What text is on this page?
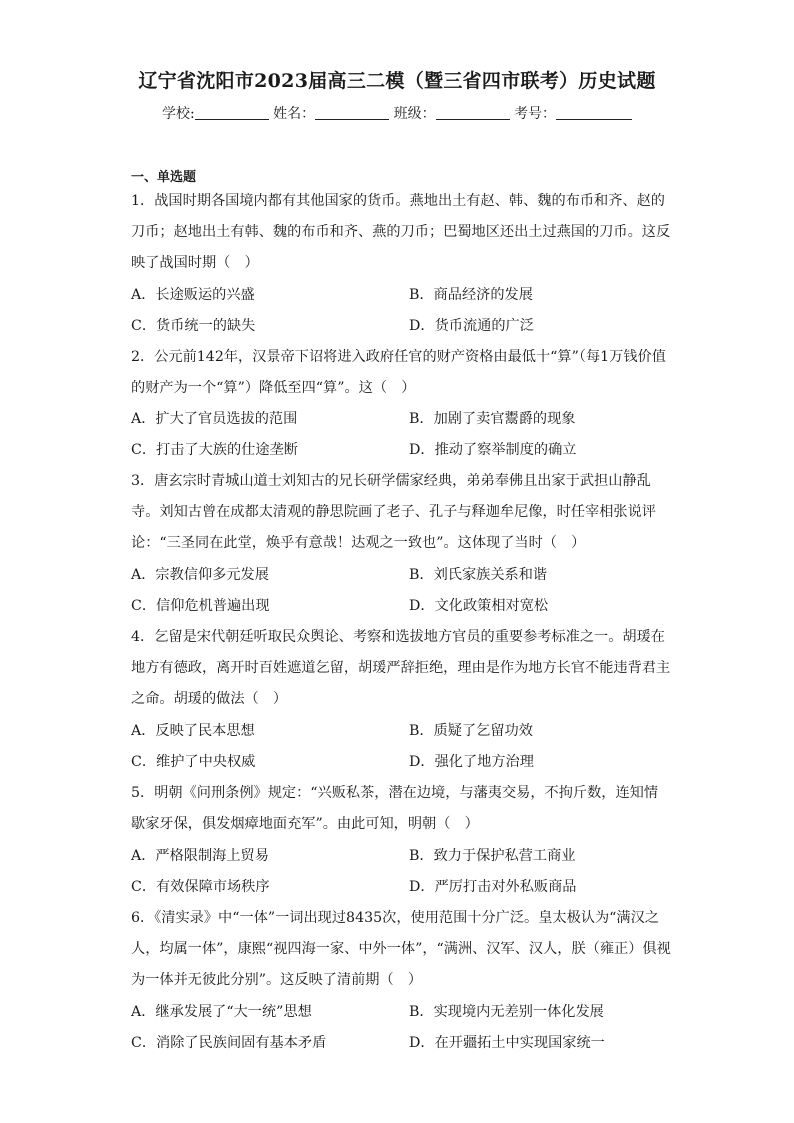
辽宁省沈阳市2023届高三二模（暨三省四市联考）历史试题
学校:	姓名：	班级：	考号：
一、单选题

1．战国时期各国境内都有其他国家的货币。燕地出土有赵、韩、魏的布币和齐、赵的刀币；赵地出土有韩、魏的布币和齐、燕的刀币；巴蜀地区还出土过燕国的刀币。这反映了战国时期（　）

A．长途贩运的兴盛	B．商品经济的发展
C．货币统一的缺失	D．货币流通的广泛

2．公元前142年，汉景帝下诏将进入政府任官的财产资格由最低十“算”（每1万钱价值的财产为一个“算”）降低至四“算”。这（　）

A．扩大了官员选拔的范围	B．加剧了卖官鬻爵的现象
C．打击了大族的仕途垄断	D．推动了察举制度的确立

3．唐玄宗时青城山道士刘知古的兄长研学儒家经典，弟弟奉佛且出家于武担山静乱寺。刘知古曾在成都太清观的静思院画了老子、孔子与释迦牟尼像，时任宰相张说评论：“三圣同在此堂，焕乎有意哉！达观之一致也”。这体现了当时（　）

A．宗教信仰多元发展	B．刘氏家族关系和谐
C．信仰危机普遍出现	D．文化政策相对宽松

4．乞留是宋代朝廷听取民众舆论、考察和选拔地方官员的重要参考标准之一。胡瑗在地方有德政，离开时百姓遮道乞留，胡瑗严辞拒绝，理由是作为地方长官不能违背君主之命。胡瑗的做法（　）

A．反映了民本思想	B．质疑了乞留功效
C．维护了中央权威	D．强化了地方治理

5．明朝《问刑条例》规定：“兴贩私茶，潜在边境，与藩夷交易，不拘斤数，连知情歇家牙保，俱发烟瘴地面充军”。由此可知，明朝（　）

A．严格限制海上贸易	B．致力于保护私营工商业
C．有效保障市场秩序	D．严厉打击对外私贩商品

6．《清实录》中“一体”一词出现过8435次，使用范围十分广泛。皇太极认为“满汉之人，均属一体”，康熙“视四海一家、中外一体”，“满洲、汉军、汉人，朕（雍正）俱视为一体并无彼此分别”。这反映了清前期（　）

A．继承发展了“大一统”思想	B．实现境内无差别一体化发展
C．消除了民族间固有基本矛盾	D．在开疆拓土中实现国家统一
